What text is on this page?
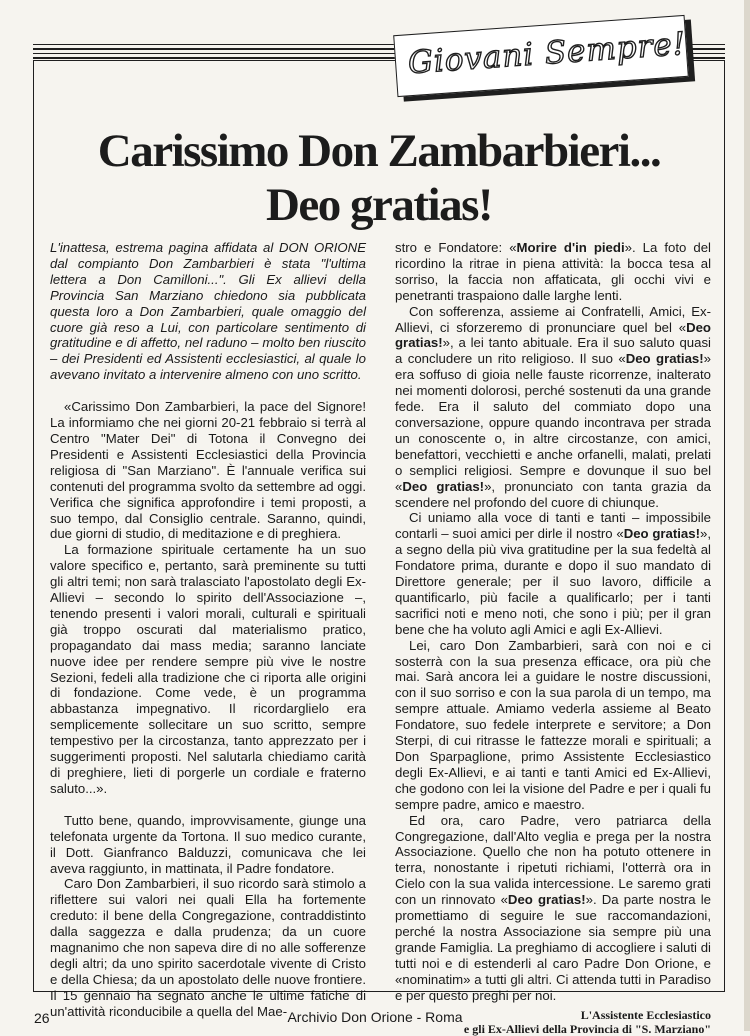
Giovani Sempre!
Carissimo Don Zambarbieri...
Deo gratias!

L'inattesa, estrema pagina affidata al DON ORIONE dal compianto Don Zambarbieri è stata "l'ultima lettera a Don Camilloni...". Gli Ex allievi della Provincia San Marziano chiedono sia pubblicata questa loro a Don Zambarbieri, quale omaggio del cuore già reso a Lui, con particolare sentimento di gratitudine e di affetto, nel raduno – molto ben riuscito – dei Presidenti ed Assistenti ecclesiastici, al quale lo avevano invitato a intervenire almeno con uno scritto.

«Carissimo Don Zambarbieri, la pace del Signore! La informiamo che nei giorni 20-21 febbraio si terrà al Centro "Mater Dei" di Totona il Convegno dei Presidenti e Assistenti Ecclesiastici della Provincia religiosa di "San Marziano". È l'annuale verifica sui contenuti del programma svolto da settembre ad oggi. Verifica che significa approfondire i temi proposti, a suo tempo, dal Consiglio centrale. Saranno, quindi, due giorni di studio, di meditazione e di preghiera.

La formazione spirituale certamente ha un suo valore specifico e, pertanto, sarà preminente su tutti gli altri temi; non sarà tralasciato l'apostolato degli Ex-Allievi – secondo lo spirito dell'Associazione –, tenendo presenti i valori morali, culturali e spirituali già troppo oscurati dal materialismo pratico, propagandato dai mass media; saranno lanciate nuove idee per rendere sempre più vive le nostre Sezioni, fedeli alla tradizione che ci riporta alle origini di fondazione. Come vede, è un programma abbastanza impegnativo. Il ricordarglielo era semplicemente sollecitare un suo scritto, sempre tempestivo per la circostanza, tanto apprezzato per i suggerimenti proposti. Nel salutarla chiediamo carità di preghiere, lieti di porgerle un cordiale e fraterno saluto...».

Tutto bene, quando, improvvisamente, giunge una telefonata urgente da Tortona. Il suo medico curante, il Dott. Gianfranco Balduzzi, comunicava che lei aveva raggiunto, in mattinata, il Padre fondatore.

Caro Don Zambarbieri, il suo ricordo sarà stimolo a riflettere sui valori nei quali Ella ha fortemente creduto: il bene della Congregazione, contraddistinto dalla saggezza e dalla prudenza; da un cuore magnanimo che non sapeva dire di no alle sofferenze degli altri; da uno spirito sacerdotale vivente di Cristo e della Chiesa; da un apostolato delle nuove frontiere. Il 15 gennaio ha segnato anche le ultime fatiche di un'attività riconducibile a quella del Mae-

stro e Fondatore: «Morire d'in piedi». La foto del ricordino la ritrae in piena attività: la bocca tesa al sorriso, la faccia non affaticata, gli occhi vivi e penetranti traspaiono dalle larghe lenti.

Con sofferenza, assieme ai Confratelli, Amici, Ex-Allievi, ci sforzeremo di pronunciare quel bel «Deo gratias!», a lei tanto abituale. Era il suo saluto quasi a concludere un rito religioso. Il suo «Deo gratias!» era soffuso di gioia nelle fauste ricorrenze, inalterato nei momenti dolorosi, perché sostenuti da una grande fede. Era il saluto del commiato dopo una conversazione, oppure quando incontrava per strada un conoscente o, in altre circostanze, con amici, benefattori, vecchietti e anche orfanelli, malati, prelati o semplici religiosi. Sempre e dovunque il suo bel «Deo gratias!», pronunciato con tanta grazia da scendere nel profondo del cuore di chiunque.

Ci uniamo alla voce di tanti e tanti – impossibile contarli – suoi amici per dirle il nostro «Deo gratias!», a segno della più viva gratitudine per la sua fedeltà al Fondatore prima, durante e dopo il suo mandato di Direttore generale; per il suo lavoro, difficile a quantificarlo, più facile a qualificarlo; per i tanti sacrifici noti e meno noti, che sono i più; per il gran bene che ha voluto agli Amici e agli Ex-Allievi.

Lei, caro Don Zambarbieri, sarà con noi e ci sosterrà con la sua presenza efficace, ora più che mai. Sarà ancora lei a guidare le nostre discussioni, con il suo sorriso e con la sua parola di un tempo, ma sempre attuale. Amiamo vederla assieme al Beato Fondatore, suo fedele interprete e servitore; a Don Sterpi, di cui ritrasse le fattezze morali e spirituali; a Don Sparpaglione, primo Assistente Ecclesiastico degli Ex-Allievi, e ai tanti e tanti Amici ed Ex-Allievi, che godono con lei la visione del Padre e per i quali fu sempre padre, amico e maestro.

Ed ora, caro Padre, vero patriarca della Congregazione, dall'Alto veglia e prega per la nostra Associazione. Quello che non ha potuto ottenere in terra, nonostante i ripetuti richiami, l'otterrà ora in Cielo con la sua valida intercessione. Le saremo grati con un rinnovato «Deo gratias!». Da parte nostra le promettiamo di seguire le sue raccomandazioni, perché la nostra Associazione sia sempre più una grande Famiglia. La preghiamo di accogliere i saluti di tutti noi e di estenderli al caro Padre Don Orione, e «nominatim» a tutti gli altri. Ci attenda tutti in Paradiso e per questo preghi per noi.

L'Assistente Ecclesiastico
e gli Ex-Allievi della Provincia di "S. Marziano"
26	Archivio Don Orione - Roma
